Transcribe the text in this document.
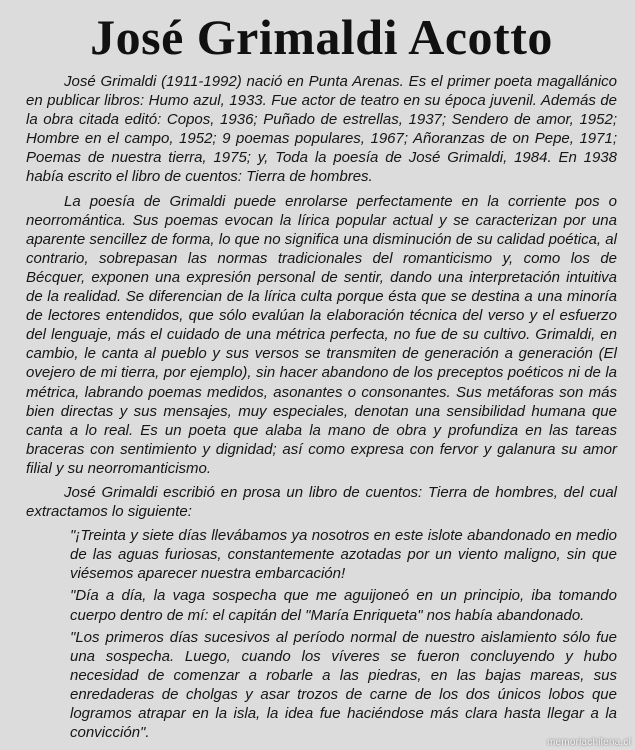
José Grimaldi Acotto

José Grimaldi (1911-1992) nació en Punta Arenas. Es el primer poeta magallánico en publicar libros: Humo azul, 1933. Fue actor de teatro en su época juvenil. Además de la obra citada editó: Copos, 1936; Puñado de estrellas, 1937; Sendero de amor, 1952; Hombre en el campo, 1952; 9 poemas populares, 1967; Añoranzas de on Pepe, 1971; Poemas de nuestra tierra, 1975; y, Toda la poesía de José Grimaldi, 1984. En 1938 había escrito el libro de cuentos: Tierra de hombres.

La poesía de Grimaldi puede enrolarse perfectamente en la corriente pos o neorromántica. Sus poemas evocan la lírica popular actual y se caracterizan por una aparente sencillez de forma, lo que no significa una disminución de su calidad poética, al contrario, sobrepasan las normas tradicionales del romanticismo y, como los de Bécquer, exponen una expresión personal de sentir, dando una interpretación intuitiva de la realidad. Se diferencian de la lírica culta porque ésta que se destina a una minoría de lectores entendidos, que sólo evalúan la elaboración técnica del verso y el esfuerzo del lenguaje, más el cuidado de una métrica perfecta, no fue de su cultivo. Grimaldi, en cambio, le canta al pueblo y sus versos se transmiten de generación a generación (El ovejero de mi tierra, por ejemplo), sin hacer abandono de los preceptos poéticos ni de la métrica, labrando poemas medidos, asonantes o consonantes. Sus metáforas son más bien directas y sus mensajes, muy especiales, denotan una sensibilidad humana que canta a lo real. Es un poeta que alaba la mano de obra y profundiza en las tareas braceras con sentimiento y dignidad; así como expresa con fervor y galanura su amor filial y su neorromanticismo.

José Grimaldi escribió en prosa un libro de cuentos: Tierra de hombres, del cual extractamos lo siguiente:

"¡Treinta y siete días llevábamos ya nosotros en este islote abandonado en medio de las aguas furiosas, constantemente azotadas por un viento maligno, sin que viésemos aparecer nuestra embarcación!

"Día a día, la vaga sospecha que me aguijoneó en un principio, iba tomando cuerpo dentro de mí: el capitán del "María Enriqueta" nos había abandonado.

"Los primeros días sucesivos al período normal de nuestro aislamiento sólo fue una sospecha. Luego, cuando los víveres se fueron concluyendo y hubo necesidad de comenzar a robarle a las piedras, en las bajas mareas, sus enredaderas de cholgas y asar trozos de carne de los dos únicos lobos que logramos atrapar en la isla, la idea fue haciéndose más clara hasta llegar a la convicción".

memoriachilena.cl
